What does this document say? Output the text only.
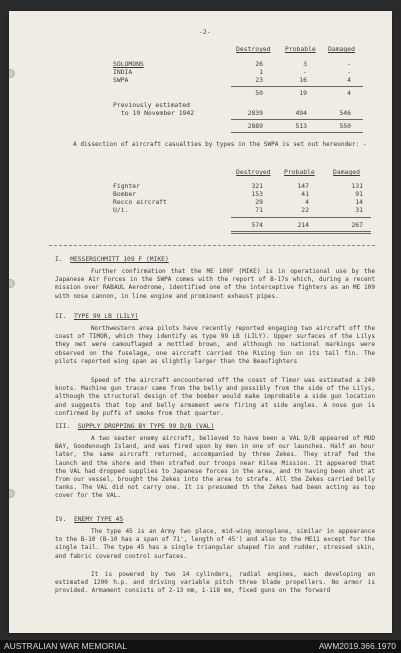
-2-
Destroyed Probable Damaged
SOLOMONS	26	3	-
INDIA	1	-	-
SWPA	23	16	4
50	19	4
Previously estimated
to 19 November 1942	2839	494	546
2889	513	550
A dissection of aircraft casualties by types in the SWPA is set out hereunder: -
Destroyed Probable	Damaged
Fighter	321	147	131
Bomber	153	41	91
Recco aircraft	29	4	14
U/i.	71	22	31
574	214	267
I. MESSERSCHMITT 109 F (MIKE)
Further confirmation that the ME 109F (MIKE) is in operational use by the Japanese Air Forces in the SWPA comes with the report of B-17s which, during a recent mission over RABAUL Aerodrome, identified one of the interceptive fighters as an ME 109 with nose cannon, in line engine and prominent exhaust pipes.
II. TYPE 99 LB (LILY)
Northwestern area pilots have recently reported engaging two aircraft off the coast of TIMOR, which they identify as type 99 LB (LILY). Upper surfaces of the Lilys they met were camouflaged a mottled brown, and although no national markings were observed on the fuselage, one aircraft carried the Rising Sun on its tail fin. The pilots reported wing span as slightly larger than the Beaufighters
Speed of the aircraft encountered off the coast of Timor was estimated a 240 knots. Machine gun tracer came from the belly and possibly from the side of the Lilys, although the structural design of the bomber would make improbable a side gun location and suggests that top and belly armament were firing at side angles. A nose gun is confirmed by puffs of smoke from that quarter.
III. SUPPLY DROPPING BY TYPE 99 D/B (VAL)
A two seater enemy aircraft, believed to have been a VAL D/B appeared of MUD BAY, Goodenough Island, and was fired upon by men in one of our launches. Half an hour later, the same aircraft returned, accompanied by three Zekes. They straf fed the launch and the shore and then strafed our troops near Kilea Mission. It appeared that the VAL had dropped supplies to Japanese forces in the area, and th having been shot at from our vessel, brought the Zekes into the area to strafe. All the Zekes carried belly tanks. The VAL did not carry one. It is presumed th the Zekes had been acting as top cover for the VAL.
IV. ENEMY TYPE 45
The type 45 is an Army two place, mid-wing monoplane, similar in appearance to the B-10 (B-10 has a span of 71', length of 45') and also to the ME11 except for the single tail. The type 45 has a single triangular shaped fin and rudder, stressed skin, and fabric covered control surfaces.
It is powered by two 14 cylinders, radial engines, each developing an estimated 1200 h.p. and driving variable pitch three blade propellers. No armor is provided. Armament consists of 2-13 mm, 1-118 mm, fixed guns on the forward
AUSTRALIAN WAR MEMORIAL	AWM2019.366.1970
